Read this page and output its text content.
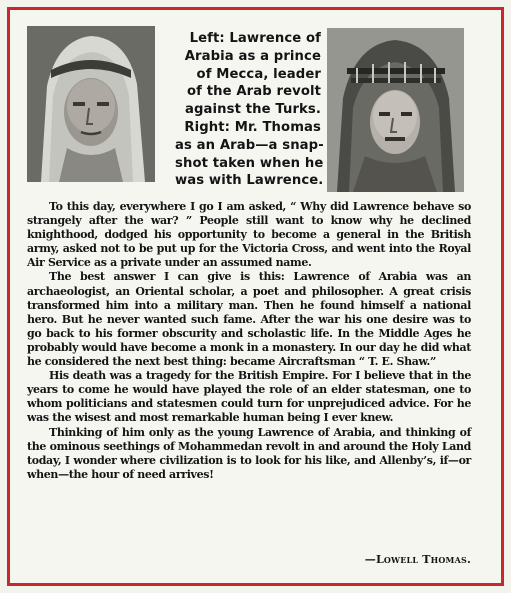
Left: Lawrence of
Arabia as a prince
of Mecca, leader
of the Arab revolt
against the Turks.
Right: Mr. Thomas
as an Arab—a snap-
shot taken when he
was with Lawrence.

To this day, everywhere I go I am asked, “ Why did Lawrence behave so strangely after the war? ” People still want to know why he declined knighthood, dodged his opportunity to become a general in the British army, asked not to be put up for the Victoria Cross, and went into the Royal Air Service as a private under an assumed name.

The best answer I can give is this: Lawrence of Arabia was an archaeologist, an Oriental scholar, a poet and philosopher. A great crisis transformed him into a military man. Then he found himself a national hero. But he never wanted such fame. After the war his one desire was to go back to his former obscurity and scholastic life. In the Middle Ages he probably would have become a monk in a monastery. In our day he did what he considered the next best thing: became Aircraftsman “ T. E. Shaw.”

His death was a tragedy for the British Empire. For I believe that in the years to come he would have played the role of an elder statesman, one to whom politicians and statesmen could turn for unprejudiced advice. For he was the wisest and most remarkable human being I ever knew.

Thinking of him only as the young Lawrence of Arabia, and thinking of the ominous seethings of Mohammedan revolt in and around the Holy Land today, I wonder where civilization is to look for his like, and Allenby’s, if—or when—the hour of need arrives!

—Lowell Thomas.
